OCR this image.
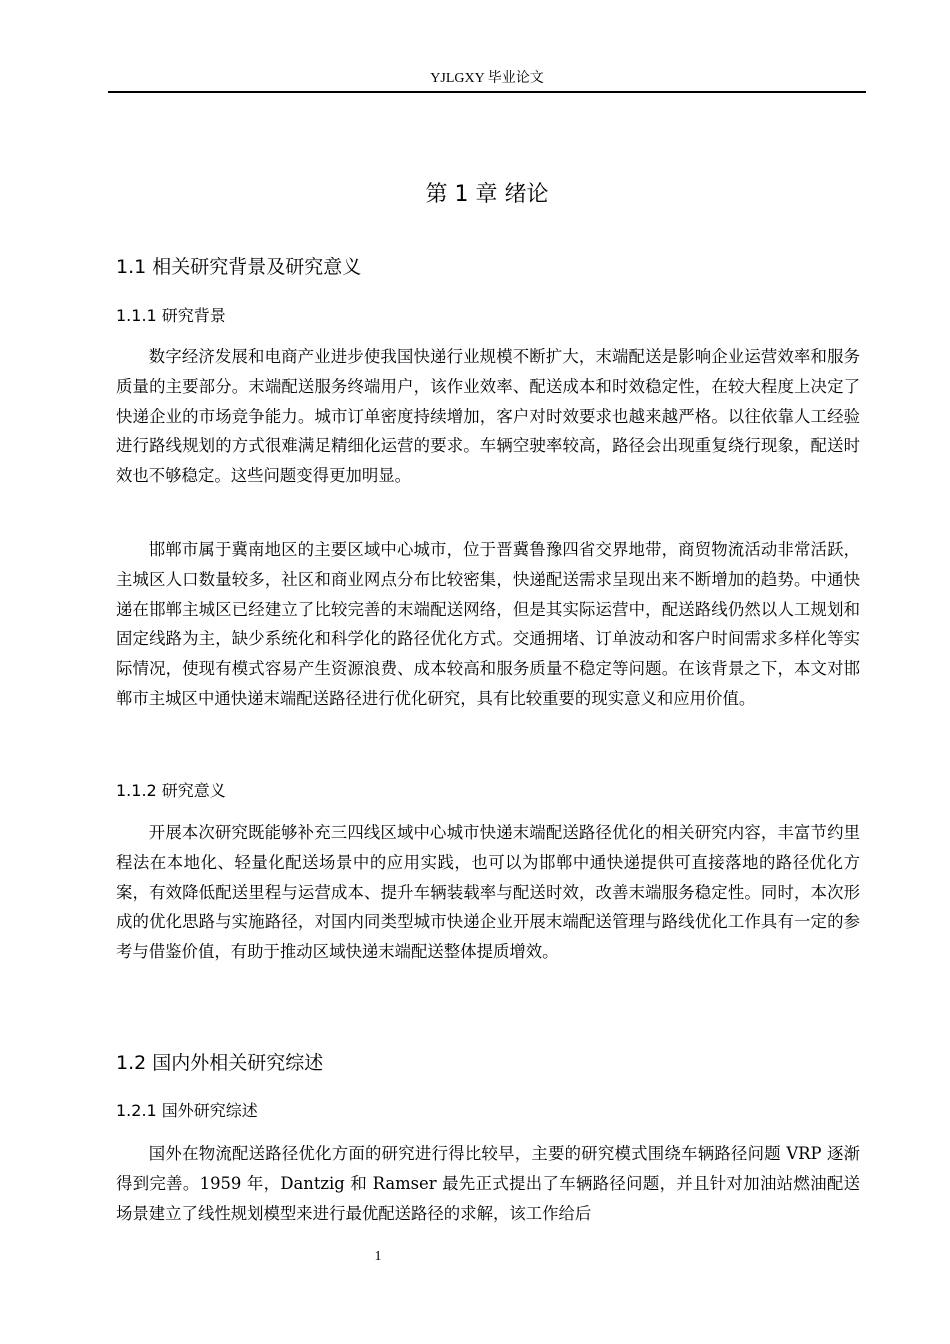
YJLGXY 毕业论文
第 1 章 绪论
1.1 相关研究背景及研究意义
1.1.1 研究背景

数字经济发展和电商产业进步使我国快递行业规模不断扩大，末端配送是影响企业运营效率和服务质量的主要部分。末端配送服务终端用户，该作业效率、配送成本和时效稳定性，在较大程度上决定了快递企业的市场竞争能力。城市订单密度持续增加，客户对时效要求也越来越严格。以往依靠人工经验进行路线规划的方式很难满足精细化运营的要求。车辆空驶率较高，路径会出现重复绕行现象，配送时效也不够稳定。这些问题变得更加明显。

邯郸市属于冀南地区的主要区域中心城市，位于晋冀鲁豫四省交界地带，商贸物流活动非常活跃，主城区人口数量较多，社区和商业网点分布比较密集，快递配送需求呈现出来不断增加的趋势。中通快递在邯郸主城区已经建立了比较完善的末端配送网络，但是其实际运营中，配送路线仍然以人工规划和固定线路为主，缺少系统化和科学化的路径优化方式。交通拥堵、订单波动和客户时间需求多样化等实际情况，使现有模式容易产生资源浪费、成本较高和服务质量不稳定等问题。在该背景之下，本文对邯郸市主城区中通快递末端配送路径进行优化研究，具有比较重要的现实意义和应用价值。

1.1.2 研究意义

开展本次研究既能够补充三四线区域中心城市快递末端配送路径优化的相关研究内容，丰富节约里程法在本地化、轻量化配送场景中的应用实践，也可以为邯郸中通快递提供可直接落地的路径优化方案，有效降低配送里程与运营成本、提升车辆装载率与配送时效，改善末端服务稳定性。同时，本次形成的优化思路与实施路径，对国内同类型城市快递企业开展末端配送管理与路线优化工作具有一定的参考与借鉴价值，有助于推动区域快递末端配送整体提质增效。

1.2 国内外相关研究综述
1.2.1 国外研究综述

国外在物流配送路径优化方面的研究进行得比较早，主要的研究模式围绕车辆路径问题 VRP 逐渐得到完善。1959 年，Dantzig 和 Ramser 最先正式提出了车辆路径问题，并且针对加油站燃油配送场景建立了线性规划模型来进行最优配送路径的求解，该工作给后

1
